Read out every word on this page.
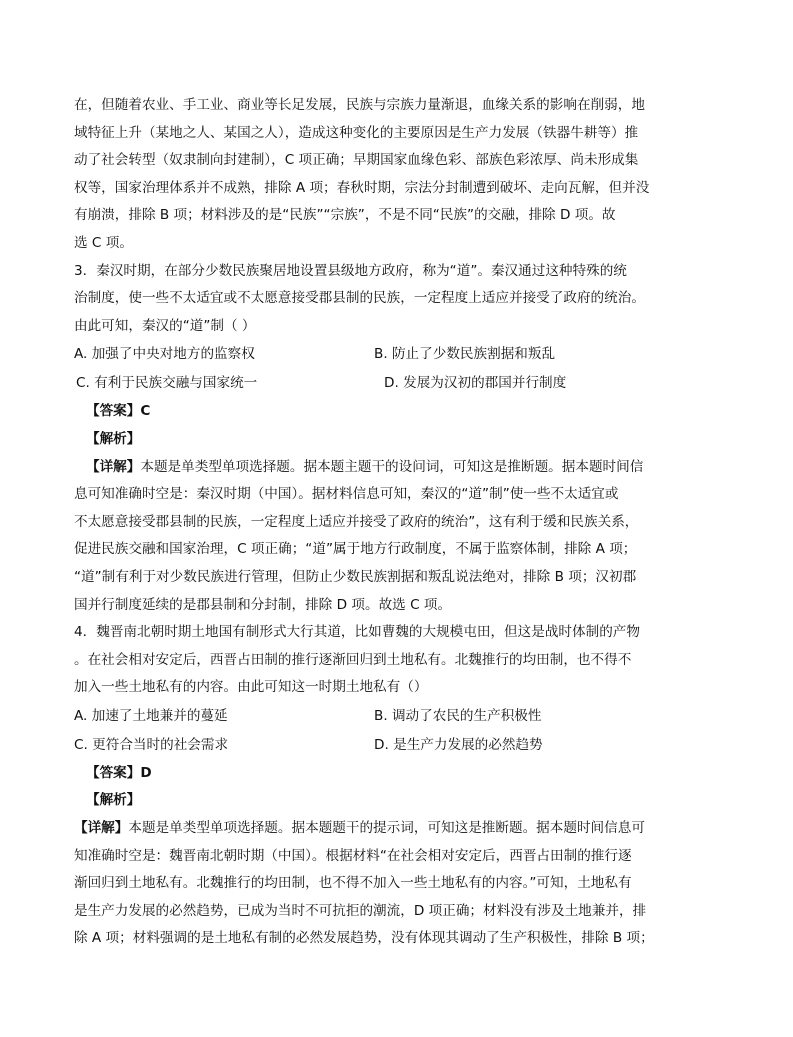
在，但随着农业、手工业、商业等长足发展，民族与宗族力量渐退，血缘关系的影响在削弱，地
域特征上升（某地之人、某国之人），造成这种变化的主要原因是生产力发展（铁器牛耕等）推
动了社会转型（奴隶制向封建制），C 项正确；早期国家血缘色彩、部族色彩浓厚、尚未形成集
权等，国家治理体系并不成熟，排除 A 项；春秋时期，宗法分封制遭到破坏、走向瓦解，但并没
有崩溃，排除 B 项；材料涉及的是“民族”“宗族”，不是不同“民族”的交融，排除 D 项。故
选 C 项。
3．秦汉时期，在部分少数民族聚居地设置县级地方政府，称为“道”。秦汉通过这种特殊的统
治制度，使一些不太适宜或不太愿意接受郡县制的民族，一定程度上适应并接受了政府的统治。
由此可知，秦汉的“道”制（ ）
A. 加强了中央对地方的监察权	B. 防止了少数民族割据和叛乱
C. 有利于民族交融与国家统一	D. 发展为汉初的郡国并行制度
【答案】C
【解析】
【详解】本题是单类型单项选择题。据本题主题干的设问词，可知这是推断题。据本题时间信
息可知准确时空是：秦汉时期（中国）。据材料信息可知，秦汉的“道”制”使一些不太适宜或
不太愿意接受郡县制的民族，一定程度上适应并接受了政府的统治”，这有利于缓和民族关系，
促进民族交融和国家治理，C 项正确；“道”属于地方行政制度，不属于监察体制，排除 A 项；
“道”制有利于对少数民族进行管理，但防止少数民族割据和叛乱说法绝对，排除 B 项；汉初郡
国并行制度延续的是郡县制和分封制，排除 D 项。故选 C 项。
4．魏晋南北朝时期土地国有制形式大行其道，比如曹魏的大规模屯田，但这是战时体制的产物
。在社会相对安定后，西晋占田制的推行逐渐回归到土地私有。北魏推行的均田制，也不得不
加入一些土地私有的内容。由此可知这一时期土地私有（）
A. 加速了土地兼并的蔓延	B. 调动了农民的生产积极性
C. 更符合当时的社会需求	D. 是生产力发展的必然趋势
【答案】D
【解析】
【详解】本题是单类型单项选择题。据本题题干的提示词，可知这是推断题。据本题时间信息可
知准确时空是：魏晋南北朝时期（中国）。根据材料“在社会相对安定后，西晋占田制的推行逐
渐回归到土地私有。北魏推行的均田制，也不得不加入一些土地私有的内容。”可知，土地私有
是生产力发展的必然趋势，已成为当时不可抗拒的潮流，D 项正确；材料没有涉及土地兼并，排
除 A 项；材料强调的是土地私有制的必然发展趋势，没有体现其调动了生产积极性，排除 B 项；
